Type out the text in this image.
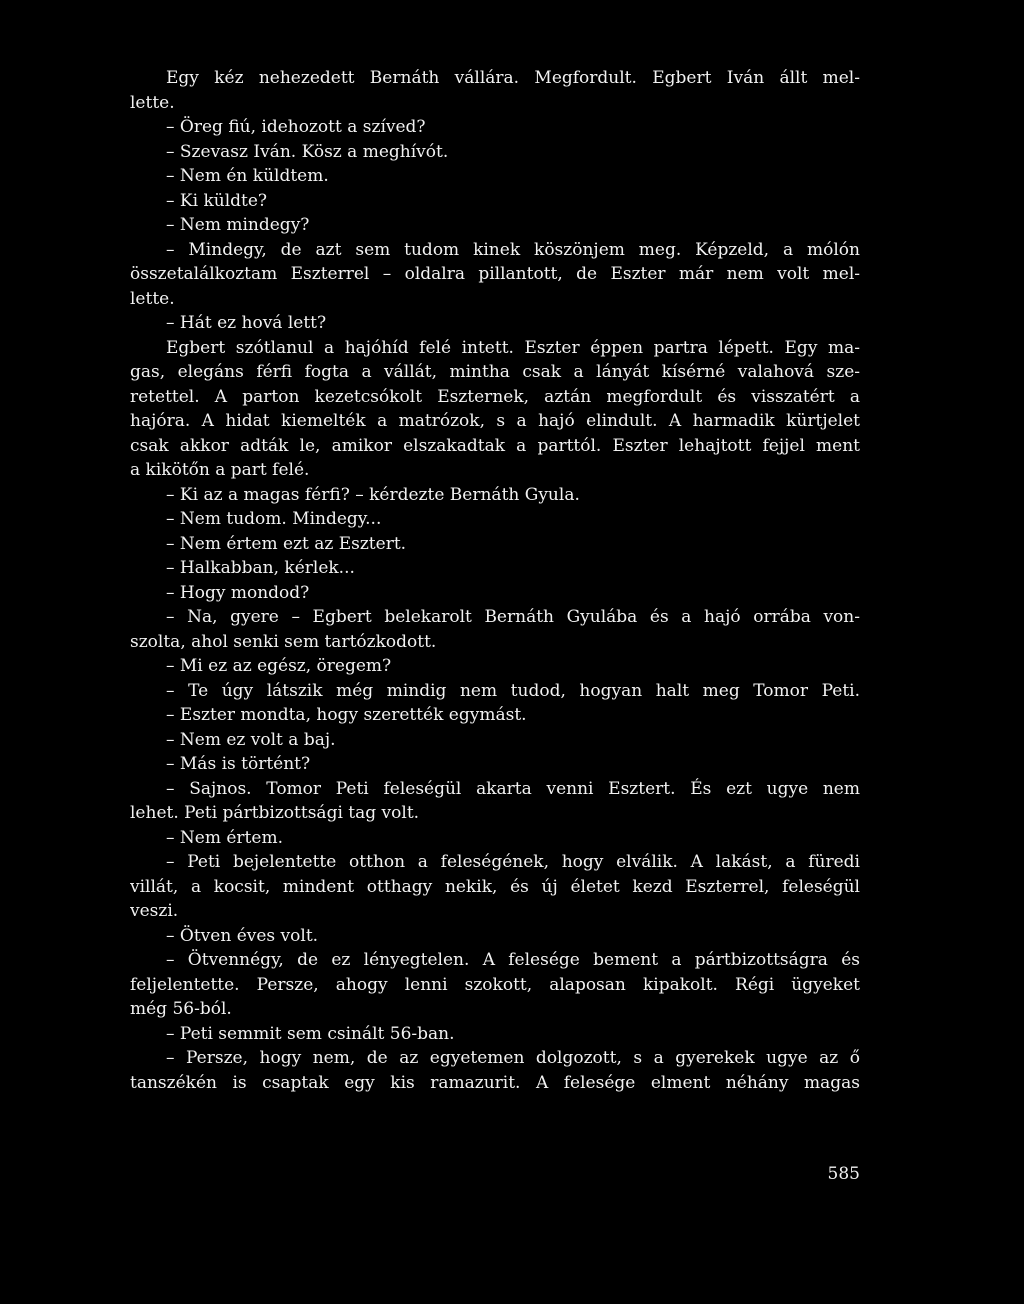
Egy kéz nehezedett Bernáth vállára. Megfordult. Egbert Iván állt mel-
lette.
– Öreg fiú, idehozott a szíved?
– Szevasz Iván. Kösz a meghívót.
– Nem én küldtem.
– Ki küldte?
– Nem mindegy?
– Mindegy, de azt sem tudom kinek köszönjem meg. Képzeld, a mólón
összetalálkoztam Eszterrel – oldalra pillantott, de Eszter már nem volt mel-
lette.
– Hát ez hová lett?
Egbert szótlanul a hajóhíd felé intett. Eszter éppen partra lépett. Egy ma-
gas, elegáns férfi fogta a vállát, mintha csak a lányát kísérné valahová sze-
retettel. A parton kezetcsókolt Eszternek, aztán megfordult és visszatért a
hajóra. A hidat kiemelték a matrózok, s a hajó elindult. A harmadik kürtjelet
csak akkor adták le, amikor elszakadtak a parttól. Eszter lehajtott fejjel ment
a kikötőn a part felé.
– Ki az a magas férfi? – kérdezte Bernáth Gyula.
– Nem tudom. Mindegy...
– Nem értem ezt az Esztert.
– Halkabban, kérlek...
– Hogy mondod?
– Na, gyere – Egbert belekarolt Bernáth Gyulába és a hajó orrába von-
szolta, ahol senki sem tartózkodott.
– Mi ez az egész, öregem?
– Te úgy látszik még mindig nem tudod, hogyan halt meg Tomor Peti.
– Eszter mondta, hogy szerették egymást.
– Nem ez volt a baj.
– Más is történt?
– Sajnos. Tomor Peti feleségül akarta venni Esztert. És ezt ugye nem
lehet. Peti pártbizottsági tag volt.
– Nem értem.
– Peti bejelentette otthon a feleségének, hogy elválik. A lakást, a füredi
villát, a kocsit, mindent otthagy nekik, és új életet kezd Eszterrel, feleségül
veszi.
– Ötven éves volt.
– Ötvennégy, de ez lényegtelen. A felesége bement a pártbizottságra és
feljelentette. Persze, ahogy lenni szokott, alaposan kipakolt. Régi ügyeket
még 56-ból.
– Peti semmit sem csinált 56-ban.
– Persze, hogy nem, de az egyetemen dolgozott, s a gyerekek ugye az ő
tanszékén is csaptak egy kis ramazurit. A felesége elment néhány magas
585
